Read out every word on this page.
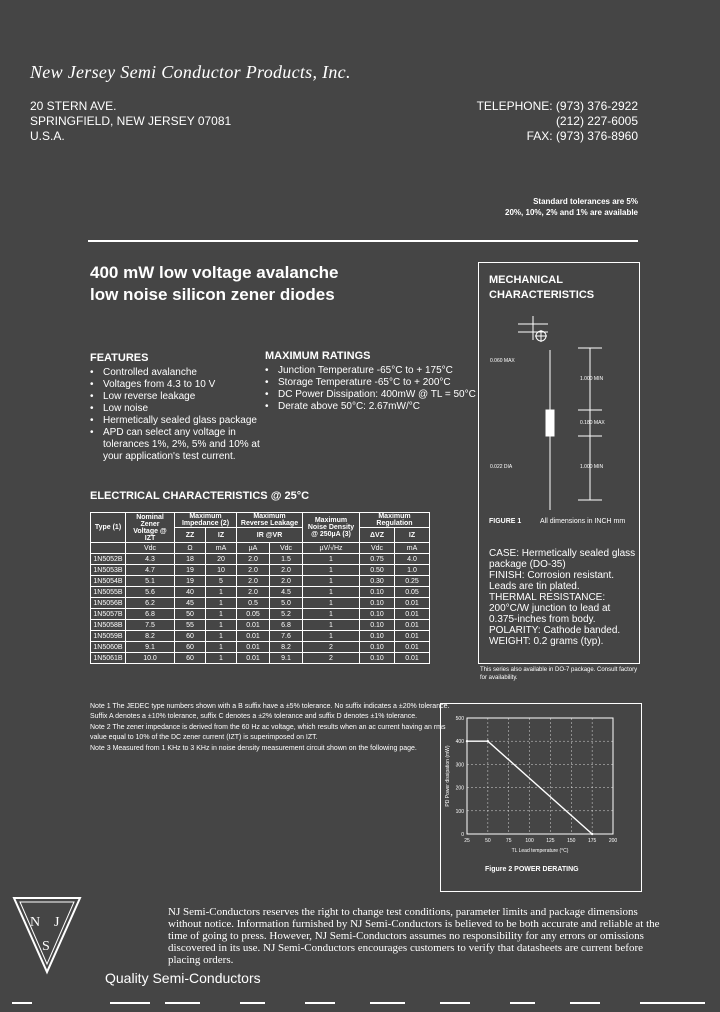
New Jersey Semi Conductor Products, Inc.
20 STERN AVE.
SPRINGFIELD, NEW JERSEY 07081
U.S.A.
TELEPHONE: (973) 376-2922
(212) 227-6005
FAX: (973) 376-8960
Standard tolerances are 5%
20%, 10%, 2% and 1% are available
400 mW low voltage avalanche
low noise silicon zener diodes
FEATURES
• Controlled avalanche
• Voltages from 4.3 to 10 V
• Low reverse leakage
• Low noise
• Hermetically sealed glass package
• APD can select any voltage in tolerances 1%, 2%, 5% and 10% at your application's test current.
MAXIMUM RATINGS
• Junction Temperature -65°C to + 175°C
• Storage Temperature -65°C to + 200°C
• DC Power Dissipation: 400mW @ TL = 50°C
• Derate above 50°C: 2.67mW/°C
ELECTRICAL CHARACTERISTICS @ 25°C
Type (1)	Nominal Zener Voltage @ IZT	Maximum Impedance (2)		Maximum Reverse Leakage		Maximum Noise Density @ 250µA (3)	Maximum Regulation	
		ZZ	IZ	IR @VR			ΔVZ	IZ
	Vdc	Ω	mA	µA	Vdc	µV/√Hz	Vdc	mA
1N5052B	4.3	18	20	2.0	1.5	1	0.75	4.0
1N5053B	4.7	19	10	2.0	2.0	1	0.50	1.0
1N5054B	5.1	19	5	2.0	2.0	1	0.30	0.25
1N5055B	5.6	40	1	2.0	4.5	1	0.10	0.05
1N5056B	6.2	45	1	0.5	5.0	1	0.10	0.01
1N5057B	6.8	50	1	0.05	5.2	1	0.10	0.01
1N5058B	7.5	55	1	0.01	6.8	1	0.10	0.01
1N5059B	8.2	60	1	0.01	7.6	1	0.10	0.01
1N5060B	9.1	60	1	0.01	8.2	2	0.10	0.01
1N5061B	10.0	60	1	0.01	9.1	2	0.10	0.01
MECHANICAL
CHARACTERISTICS
0.060 MAX
1.000 MIN
0.180 MAX
0.022 DIA	1.000 MIN
FIGURE 1	All dimensions in INCH mm

CASE: Hermetically sealed glass package (DO-35)

FINISH: Corrosion resistant. Leads are tin plated.

THERMAL RESISTANCE: 200°C/W junction to lead at 0.375-inches from body.

POLARITY: Cathode banded.

WEIGHT: 0.2 grams (typ).

This series also available in DO-7 package. Consult factory for availability.

Note 1 The JEDEC type numbers shown with a B suffix have a ±5% tolerance. No suffix indicates a ±20% tolerance. Suffix A denotes a ±10% tolerance, suffix C denotes a ±2% tolerance and suffix D denotes ±1% tolerance.

Note 2 The zener impedance is derived from the 60 Hz ac voltage, which results when an ac current having an rms value equal to 10% of the DC zener current (IZT) is superimposed on IZT.

Note 3 Measured from 1 KHz to 3 KHz in noise density measurement circuit shown on the following page.

500
400
300
200
100
0
25	50	75	100	125	150	175	200
TL Lead temperature (°C)
PD Power dissipation (mW)
Figure 2 POWER DERATING
N J
S
NJ Semi-Conductors reserves the right to change test conditions, parameter limits and package dimensions without notice. Information furnished by NJ Semi-Conductors is believed to be both accurate and reliable at the time of going to press. However, NJ Semi-Conductors assumes no responsibility for any errors or omissions discovered in its use. NJ Semi-Conductors encourages customers to verify that datasheets are current before placing orders.
Quality Semi-Conductors
